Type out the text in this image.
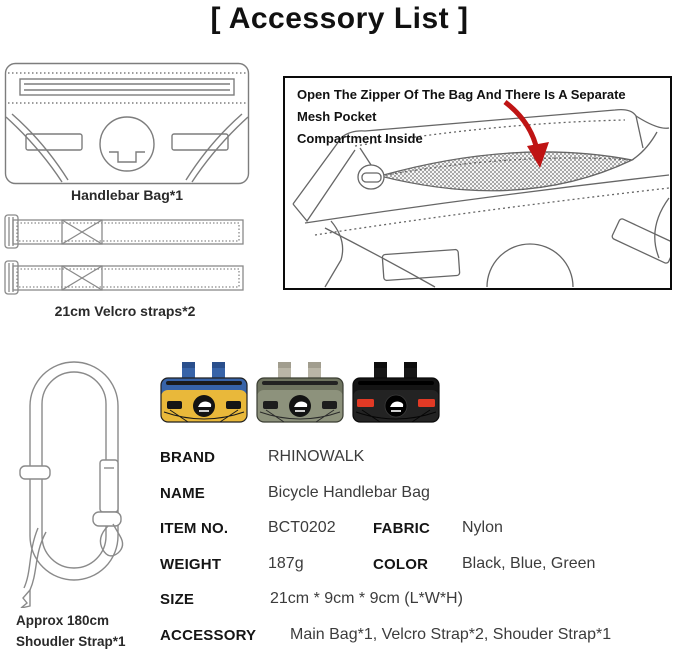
[ Accessory List ]
Handlebar Bag*1
21cm Velcro straps*2
Open The Zipper Of The Bag And There Is A Separate Mesh Pocket
Compartment Inside
Approx 180cm
Shoudler Strap*1
BRAND	RHINOWALK
NAME	Bicycle Handlebar Bag
ITEM NO. BCT0202 FABRIC Nylon
WEIGHT	187g	COLOR Black, Blue, Green
SIZE	21cm * 9cm * 9cm (L*W*H)
ACCESSORY Main Bag*1, Velcro Strap*2, Shouder Strap*1
